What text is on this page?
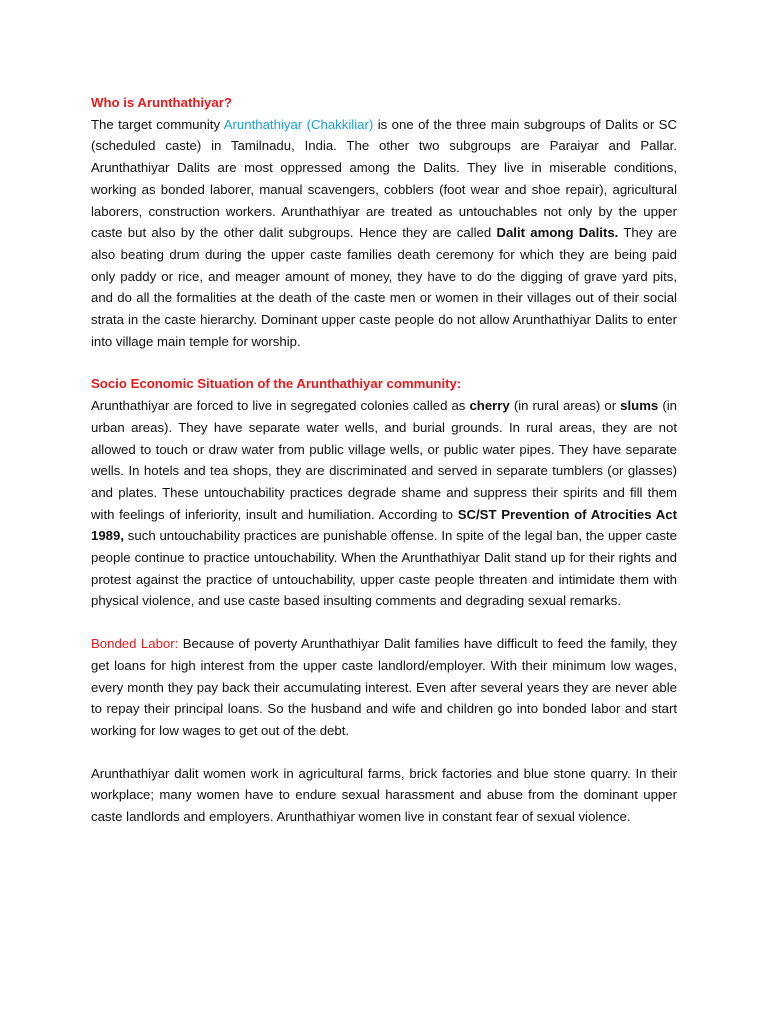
Who is Arunthathiyar?

The target community Arunthathiyar (Chakkiliar) is one of the three main subgroups of Dalits or SC (scheduled caste) in Tamilnadu, India. The other two subgroups are Paraiyar and Pallar. Arunthathiyar Dalits are most oppressed among the Dalits. They live in miserable conditions, working as bonded laborer, manual scavengers, cobblers (foot wear and shoe repair), agricultural laborers, construction workers. Arunthathiyar are treated as untouchables not only by the upper caste but also by the other dalit subgroups. Hence they are called Dalit among Dalits. They are also beating drum during the upper caste families death ceremony for which they are being paid only paddy or rice, and meager amount of money, they have to do the digging of grave yard pits, and do all the formalities at the death of the caste men or women in their villages out of their social strata in the caste hierarchy. Dominant upper caste people do not allow Arunthathiyar Dalits to enter into village main temple for worship.

Socio Economic Situation of the Arunthathiyar community:

Arunthathiyar are forced to live in segregated colonies called as cherry (in rural areas) or slums (in urban areas). They have separate water wells, and burial grounds. In rural areas, they are not allowed to touch or draw water from public village wells, or public water pipes. They have separate wells. In hotels and tea shops, they are discriminated and served in separate tumblers (or glasses) and plates. These untouchability practices degrade shame and suppress their spirits and fill them with feelings of inferiority, insult and humiliation. According to SC/ST Prevention of Atrocities Act 1989, such untouchability practices are punishable offense. In spite of the legal ban, the upper caste people continue to practice untouchability. When the Arunthathiyar Dalit stand up for their rights and protest against the practice of untouchability, upper caste people threaten and intimidate them with physical violence, and use caste based insulting comments and degrading sexual remarks.

Bonded Labor: Because of poverty Arunthathiyar Dalit families have difficult to feed the family, they get loans for high interest from the upper caste landlord/employer. With their minimum low wages, every month they pay back their accumulating interest. Even after several years they are never able to repay their principal loans. So the husband and wife and children go into bonded labor and start working for low wages to get out of the debt.

Arunthathiyar dalit women work in agricultural farms, brick factories and blue stone quarry. In their workplace; many women have to endure sexual harassment and abuse from the dominant upper caste landlords and employers. Arunthathiyar women live in constant fear of sexual violence.
